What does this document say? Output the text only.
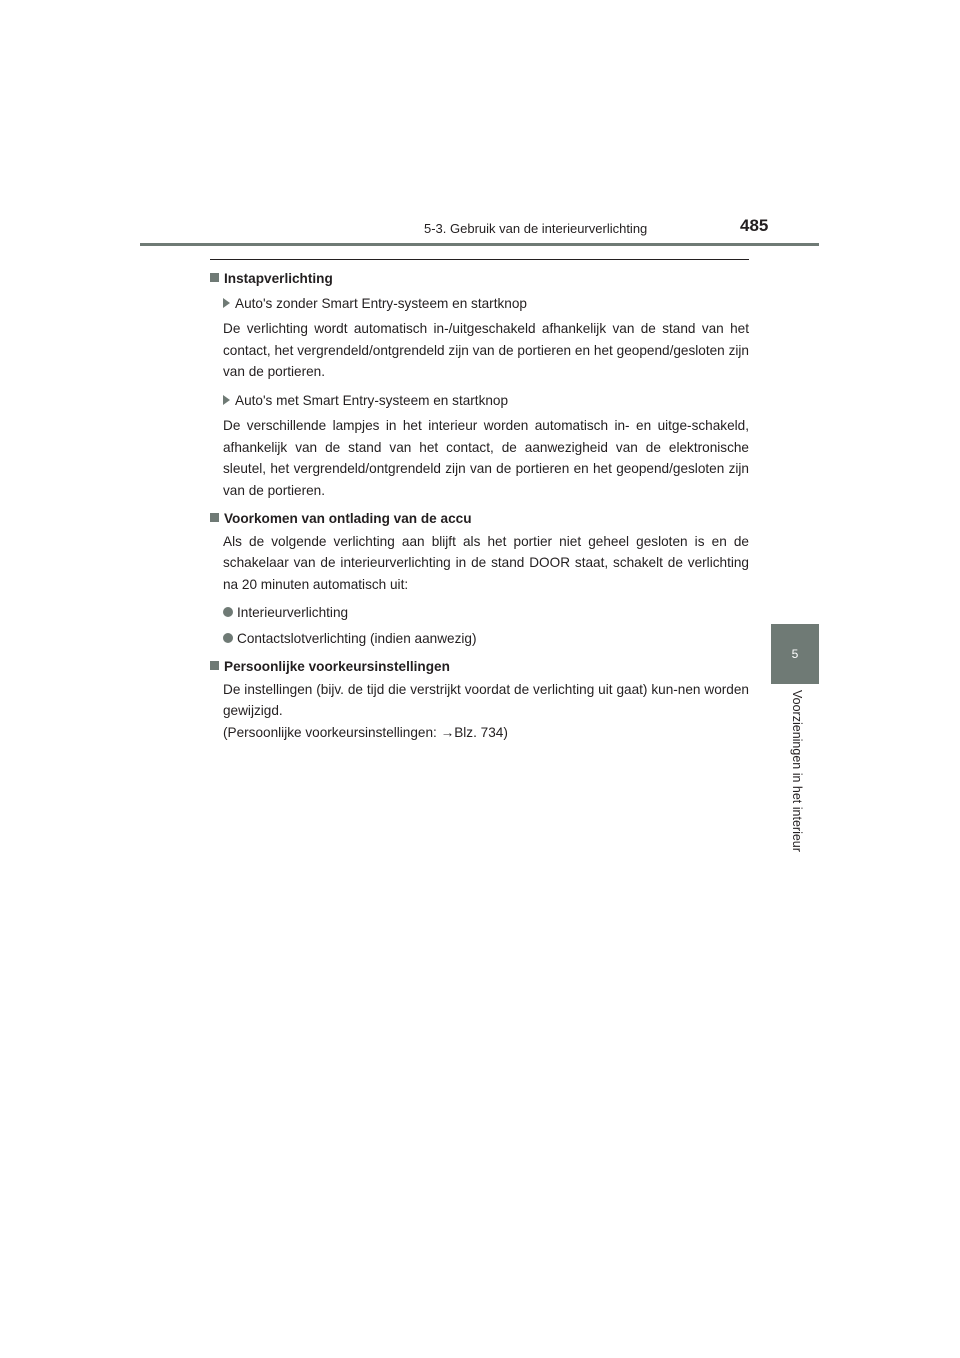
5-3. Gebruik van de interieurverlichting	485
5
Voorzieningen in het interieur

Instapverlichting

Auto's zonder Smart Entry-systeem en startknop

De verlichting wordt automatisch in-/uitgeschakeld afhankelijk van de stand van het contact, het vergrendeld/ontgrendeld zijn van de portieren en het geopend/gesloten zijn van de portieren.

Auto's met Smart Entry-systeem en startknop

De verschillende lampjes in het interieur worden automatisch in- en uitge-schakeld, afhankelijk van de stand van het contact, de aanwezigheid van de elektronische sleutel, het vergrendeld/ontgrendeld zijn van de portieren en het geopend/gesloten zijn van de portieren.

Voorkomen van ontlading van de accu

Als de volgende verlichting aan blijft als het portier niet geheel gesloten is en de schakelaar van de interieurverlichting in de stand DOOR staat, schakelt de verlichting na 20 minuten automatisch uit:

Interieurverlichting

Contactslotverlichting (indien aanwezig)

Persoonlijke voorkeursinstellingen

De instellingen (bijv. de tijd die verstrijkt voordat de verlichting uit gaat) kun-nen worden gewijzigd.

(Persoonlijke voorkeursinstellingen: →Blz. 734)
